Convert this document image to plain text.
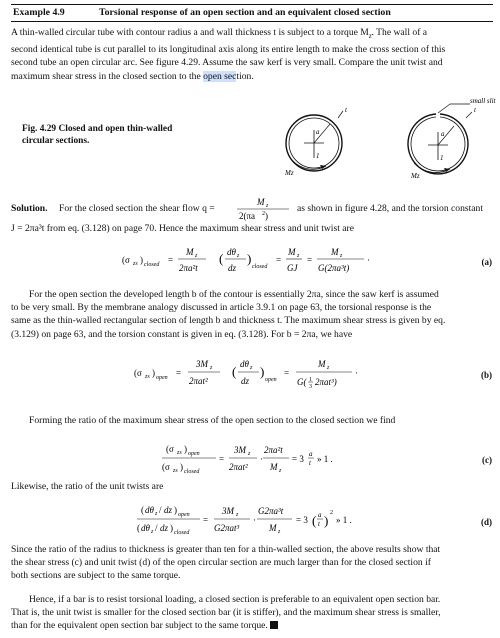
Example 4.9	Torsional response of an open section and an equivalent closed section
A thin-walled circular tube with contour radius a and wall thickness t is subject to a torque $M_z$. The wall of a
second identical tube is cut parallel to its longitudinal axis along its entire length to make the cross section of this
second tube an open circular arc. See figure 4.29. Assume the saw kerf is very small. Compare the unit twist and
maximum shear stress in the closed section to the open section.
Fig. 4.29 Closed and open thin-walled circular sections.
t
a
1
Mz
small slit
t
a
1
Mz
Solution. For the closed section the shear flow q =
M z
2(πa 2 )
as shown in figure 4.28, and the torsion constant
J = 2πa³t from eq. (3.128) on page 70. Hence the maximum shear stress and unit twist are
(σ zs ) closed =
M z
2πa²t
( dθ z
dz
)
closed
=
M z
GJ
=
M z
G(2πa³t)
·	(a)
For the open section the developed length b of the contour is essentially 2πa, since the saw kerf is assumed
to be very small. By the membrane analogy discussed in article 3.9.1 on page 63, the torsional response is the
same as the thin-walled rectangular section of length b and thickness t. The maximum shear stress is given by eq.
(3.129) on page 63, and the torsion constant is given in eq. (3.128). For b = 2πa, we have
(σ zs ) open =
3M z
2πat²
( dθ z
dz
)
open
=
M z
G( 1
3 2πat³)
·	(b)
Forming the ratio of the maximum shear stress of the open section to the closed section we find
(σ zs ) open
(σ zs ) closed
=
3M z
2πat²
·
2πa²t
M z
= 3 a
t » 1 .	(c)
Likewise, the ratio of the unit twists are
( dθ z / dz ) open
( dθ z / dz ) closed
=
3M z
G2πat³
·
G2πa³t
M z
= 3 ( a
t ) 2
» 1 .	(d)
Since the ratio of the radius to thickness is greater than ten for a thin-walled section, the above results show that
the shear stress (c) and unit twist (d) of the open circular section are much larger than for the closed section if
both sections are subject to the same torque.
Hence, if a bar is to resist torsional loading, a closed section is preferable to an equivalent open section bar.
That is, the unit twist is smaller for the closed section bar (it is stiffer), and the maximum shear stress is smaller,
than for the equivalent open section bar subject to the same torque.
